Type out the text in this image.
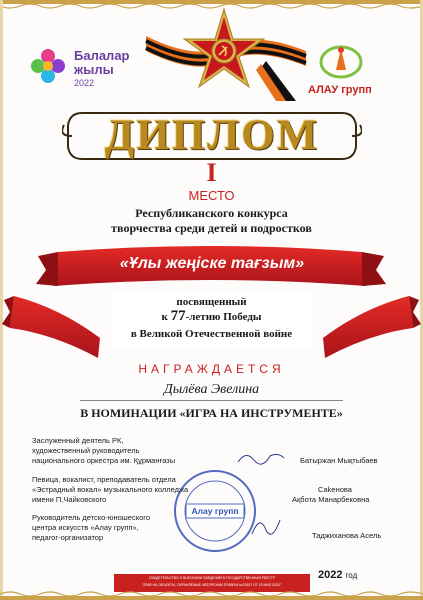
Балалар
жылы
2022
АЛАУ групп
ДИПЛОМ
I
МЕСТО
Республиканского конкурса
творчества среди детей и подростков
«Ұлы жеңіске тағзым»
посвященный
к 77-летию Победы
в Великой Отечественной войне
НАГРАЖДАЕТСЯ
Дылёва Эвелина
В НОМИНАЦИИ «ИГРА НА ИНСТРУМЕНТЕ»
Заслуженный деятель РК,
художественный руководитель
национального оркестра им. Құрманғазы	Батыржан Мықтыбаев
Певица, вокалист, преподаватель отдела
«Эстрадный вокал» музыкального колледжа
имени П.Чайковского
Саkенова
Ақбота Манарбековна
Руководитель детско-юношеского
центра искусств «Алау групп»,
педагог-организатор	Таджиханова Асель
Алау групп
СВИДЕТЕЛЬСТВО О ВНЕСЕНИИ СВЕДЕНИЙ В ГОСУДАРСТВЕННЫЙ РЕЕСТР
ПРАВ НА ОБЪЕКТЫ, ОХРАНЯЕМЫЕ АВТОРСКИМ ПРАВОМ №21537 ОТ 15 МАЯ 2021Г
2022 год
